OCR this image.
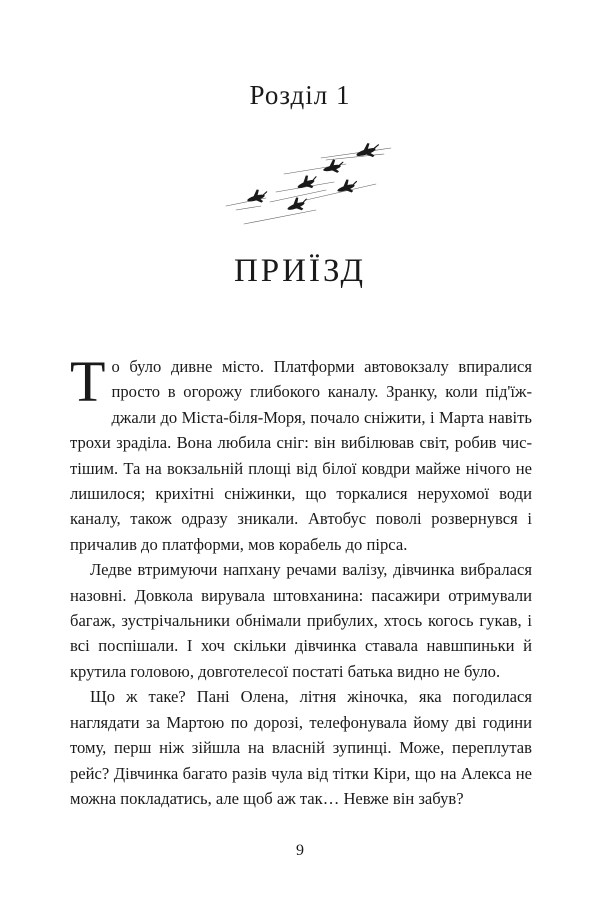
Розділ 1
ПРИЇЗД

То було дивне місто. Платформи автовокзалу впиралися просто в огорожу глибокого каналу. Зранку, коли під'їжджали до Міста-біля-Моря, почало сніжити, і Марта навіть трохи зраділа. Вона любила сніг: він вибілював світ, робив чистішим. Та на вокзальній площі від білої ковдри майже нічого не лишилося; крихітні сніжинки, що торкалися нерухомої води каналу, також одразу зникали. Автобус поволі розвернувся і причалив до платформи, мов корабель до пірса.

Ледве втримуючи напхану речами валізу, дівчинка вибралася назовні. Довкола вирувала штовханина: пасажири отримували багаж, зустрічальники обнімали прибулих, хтось когось гукав, і всі поспішали. І хоч скільки дівчинка ставала навшпиньки й крутила головою, довготелесої постаті батька видно не було.

Що ж таке? Пані Олена, літня жіночка, яка погодилася наглядати за Мартою по дорозі, телефонувала йому дві години тому, перш ніж зійшла на власній зупинці. Може, переплутав рейс? Дівчинка багато разів чула від тітки Кіри, що на Алекса не можна покладатись, але щоб аж так… Невже він забув?

9
